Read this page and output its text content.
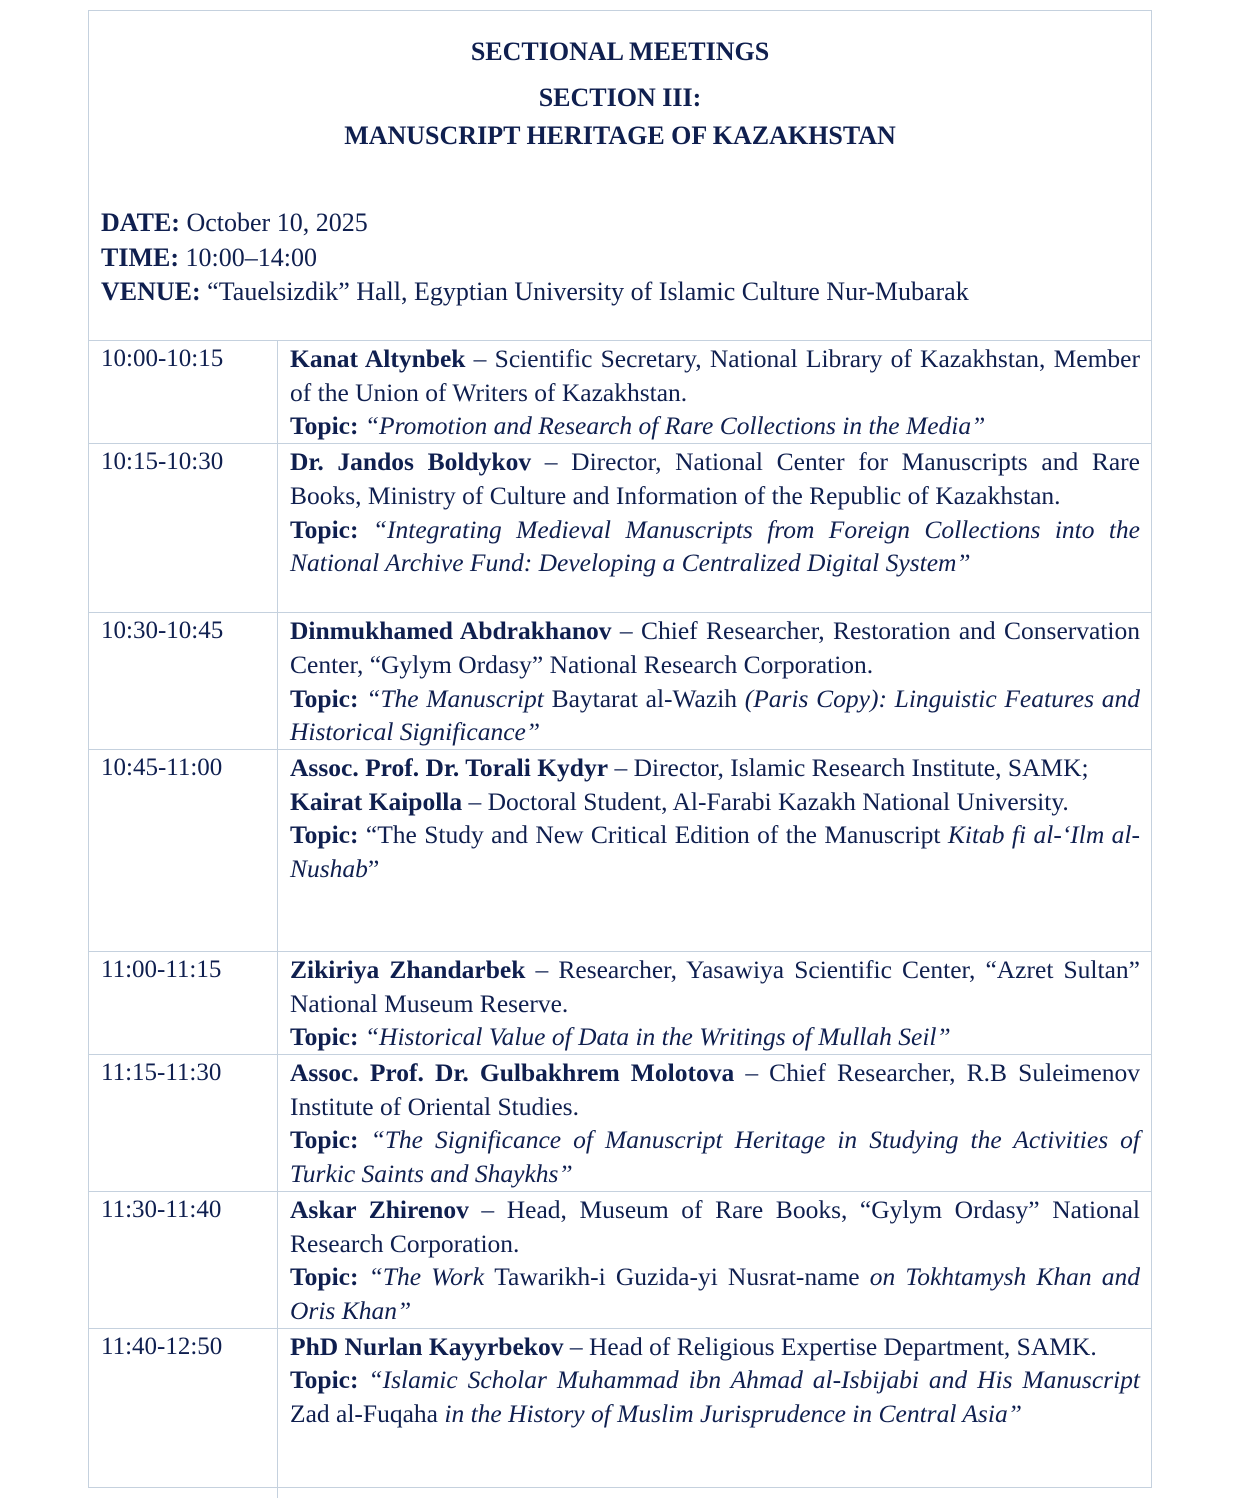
SECTIONAL MEETINGS
SECTION III:
MANUSCRIPT HERITAGE OF KAZAKHSTAN
DATE: October 10, 2025
TIME: 10:00–14:00
VENUE: “Tauelsizdik” Hall, Egyptian University of Islamic Culture Nur-Mubarak
10:00-10:15	Kanat Altynbek – Scientific Secretary, National Library of Kazakhstan, Member of the Union of Writers of Kazakhstan.

Topic: “Promotion and Research of Rare Collections in the Media”

10:15-10:30	Dr. Jandos Boldykov – Director, National Center for Manuscripts and Rare Books, Ministry of Culture and Information of the Republic of Kazakhstan.

Topic: “Integrating Medieval Manuscripts from Foreign Collections into the National Archive Fund: Developing a Centralized Digital System”

10:30-10:45	Dinmukhamed Abdrakhanov – Chief Researcher, Restoration and Conservation Center, “Gylym Ordasy” National Research Corporation.

Topic: “The Manuscript Baytarat al-Wazih (Paris Copy): Linguistic Features and Historical Significance”

10:45-11:00	Assoc. Prof. Dr. Torali Kydyr – Director, Islamic Research Institute, SAMK;

Kairat Kaipolla – Doctoral Student, Al-Farabi Kazakh National University.

Topic: “The Study and New Critical Edition of the Manuscript Kitab fi al-ʻIlm al-Nushab”

11:00-11:15	Zikiriya Zhandarbek – Researcher, Yasawiya Scientific Center, “Azret Sultan” National Museum Reserve.

Topic: “Historical Value of Data in the Writings of Mullah Seil”

11:15-11:30	Assoc. Prof. Dr. Gulbakhrem Molotova – Chief Researcher, R.B Suleimenov Institute of Oriental Studies.

Topic: “The Significance of Manuscript Heritage in Studying the Activities of Turkic Saints and Shaykhs”

11:30-11:40	Askar Zhirenov – Head, Museum of Rare Books, “Gylym Ordasy” National Research Corporation.

Topic: “The Work Tawarikh-i Guzida-yi Nusrat-name on Tokhtamysh Khan and Oris Khan”

11:40-12:50	PhD Nurlan Kayyrbekov – Head of Religious Expertise Department, SAMK.

Topic: “Islamic Scholar Muhammad ibn Ahmad al-Isbijabi and His Manuscript Zad al-Fuqaha in the History of Muslim Jurisprudence in Central Asia”
